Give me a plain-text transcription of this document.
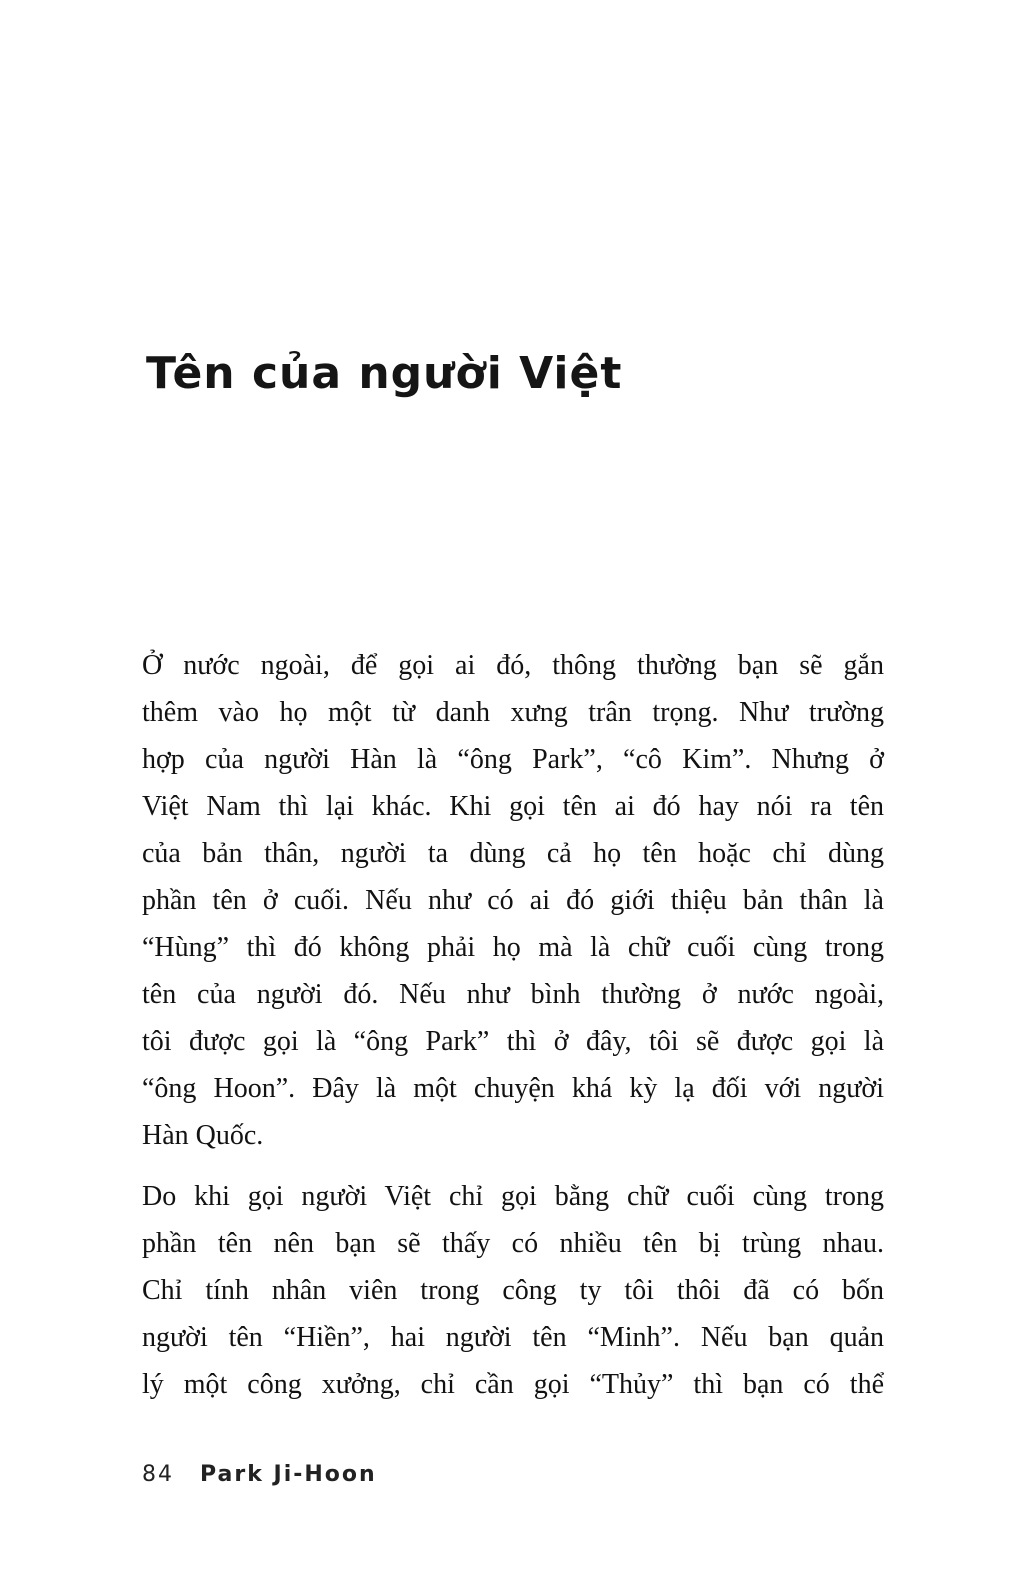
Tên của người Việt

Ở nước ngoài, để gọi ai đó, thông thường bạn sẽ gắn
thêm vào họ một từ danh xưng trân trọng. Như trường
hợp của người Hàn là “ông Park”, “cô Kim”. Nhưng ở
Việt Nam thì lại khác. Khi gọi tên ai đó hay nói ra tên
của bản thân, người ta dùng cả họ tên hoặc chỉ dùng
phần tên ở cuối. Nếu như có ai đó giới thiệu bản thân là
“Hùng” thì đó không phải họ mà là chữ cuối cùng trong
tên của người đó. Nếu như bình thường ở nước ngoài,
tôi được gọi là “ông Park” thì ở đây, tôi sẽ được gọi là
“ông Hoon”. Đây là một chuyện khá kỳ lạ đối với người
Hàn Quốc.

Do khi gọi người Việt chỉ gọi bằng chữ cuối cùng trong
phần tên nên bạn sẽ thấy có nhiều tên bị trùng nhau.
Chỉ tính nhân viên trong công ty tôi thôi đã có bốn
người tên “Hiền”, hai người tên “Minh”. Nếu bạn quản
lý một công xưởng, chỉ cần gọi “Thủy” thì bạn có thể

84 Park Ji-Hoon
